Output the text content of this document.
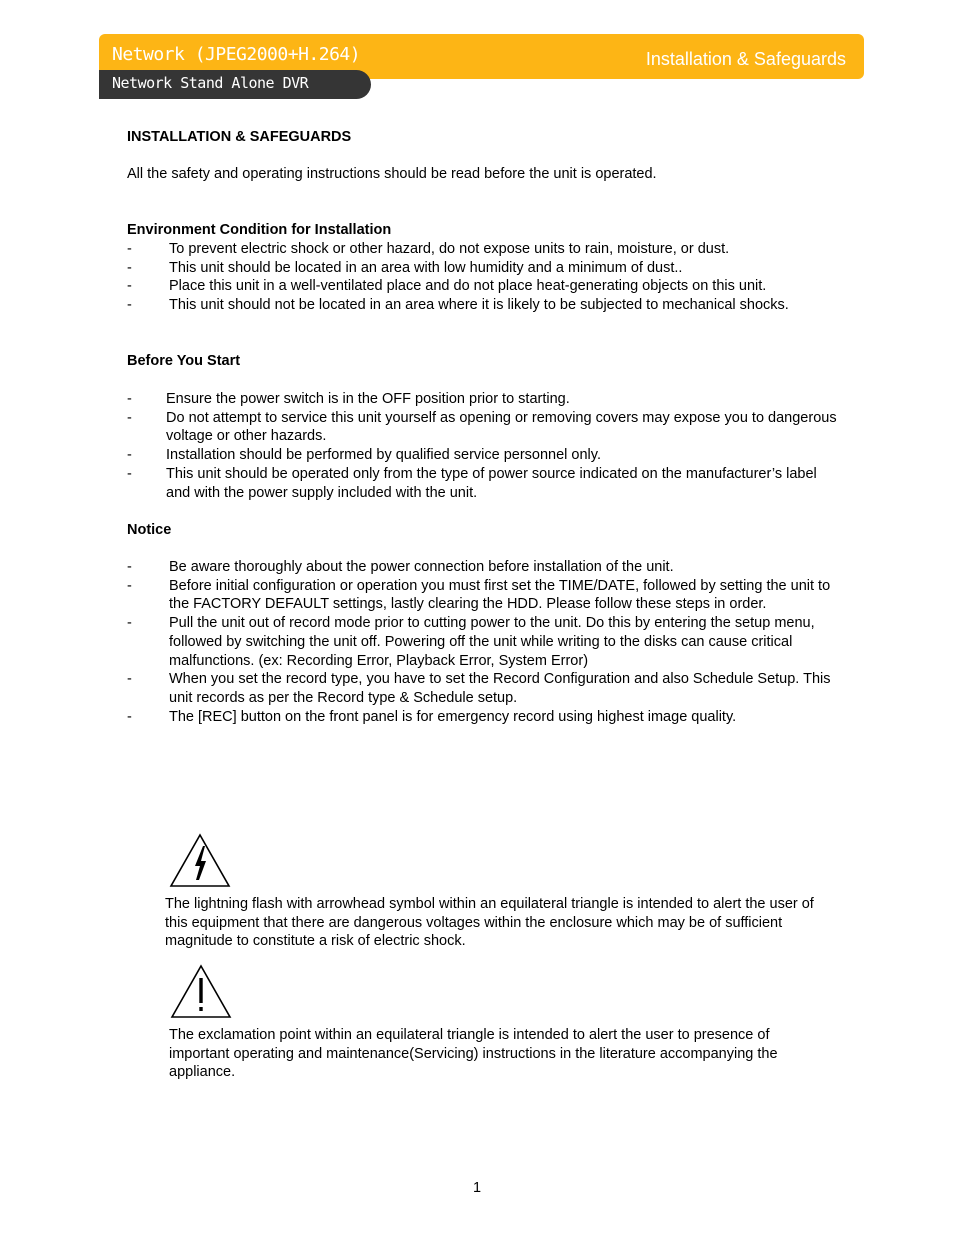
Network (JPEG2000+H.264)	Installation & Safeguards
Network Stand Alone DVR
INSTALLATION & SAFEGUARDS
All the safety and operating instructions should be read before the unit is operated.
Environment Condition for Installation
Before You Start
Notice
-	To prevent electric shock or other hazard, do not expose units to rain, moisture, or dust.
-	This unit should be located in an area with low humidity and a minimum of dust..
-	Place this unit in a well-ventilated place and do not place heat-generating objects on this unit.
-	This unit should not be located in an area where it is likely to be subjected to mechanical shocks.
- Ensure the power switch is in the OFF position prior to starting.
- Do not attempt to service this unit yourself as opening or removing covers may expose you to dangerous voltage or other hazards.
- Installation should be performed by qualified service personnel only.
- This unit should be operated only from the type of power source indicated on the manufacturer’s label and with the power supply included with the unit.
-	Be aware thoroughly about the power connection before installation of the unit.
-	Before initial configuration or operation you must first set the TIME/DATE, followed by setting the unit to the FACTORY DEFAULT settings, lastly clearing the HDD. Please follow these steps in order.
-	Pull the unit out of record mode prior to cutting power to the unit. Do this by entering the setup menu, followed by switching the unit off. Powering off the unit while writing to the disks can cause critical malfunctions. (ex: Recording Error, Playback Error, System Error)
-	When you set the record type, you have to set the Record Configuration and also Schedule Setup. This unit records as per the Record type & Schedule setup.
-	The [REC] button on the front panel is for emergency record using highest image quality.
The lightning flash with arrowhead symbol within an equilateral triangle is intended to alert the user of this equipment that there are dangerous voltages within the enclosure which may be of sufficient magnitude to constitute a risk of electric shock.
The exclamation point within an equilateral triangle is intended to alert the user to presence of important operating and maintenance(Servicing) instructions in the literature accompanying the appliance.
1
